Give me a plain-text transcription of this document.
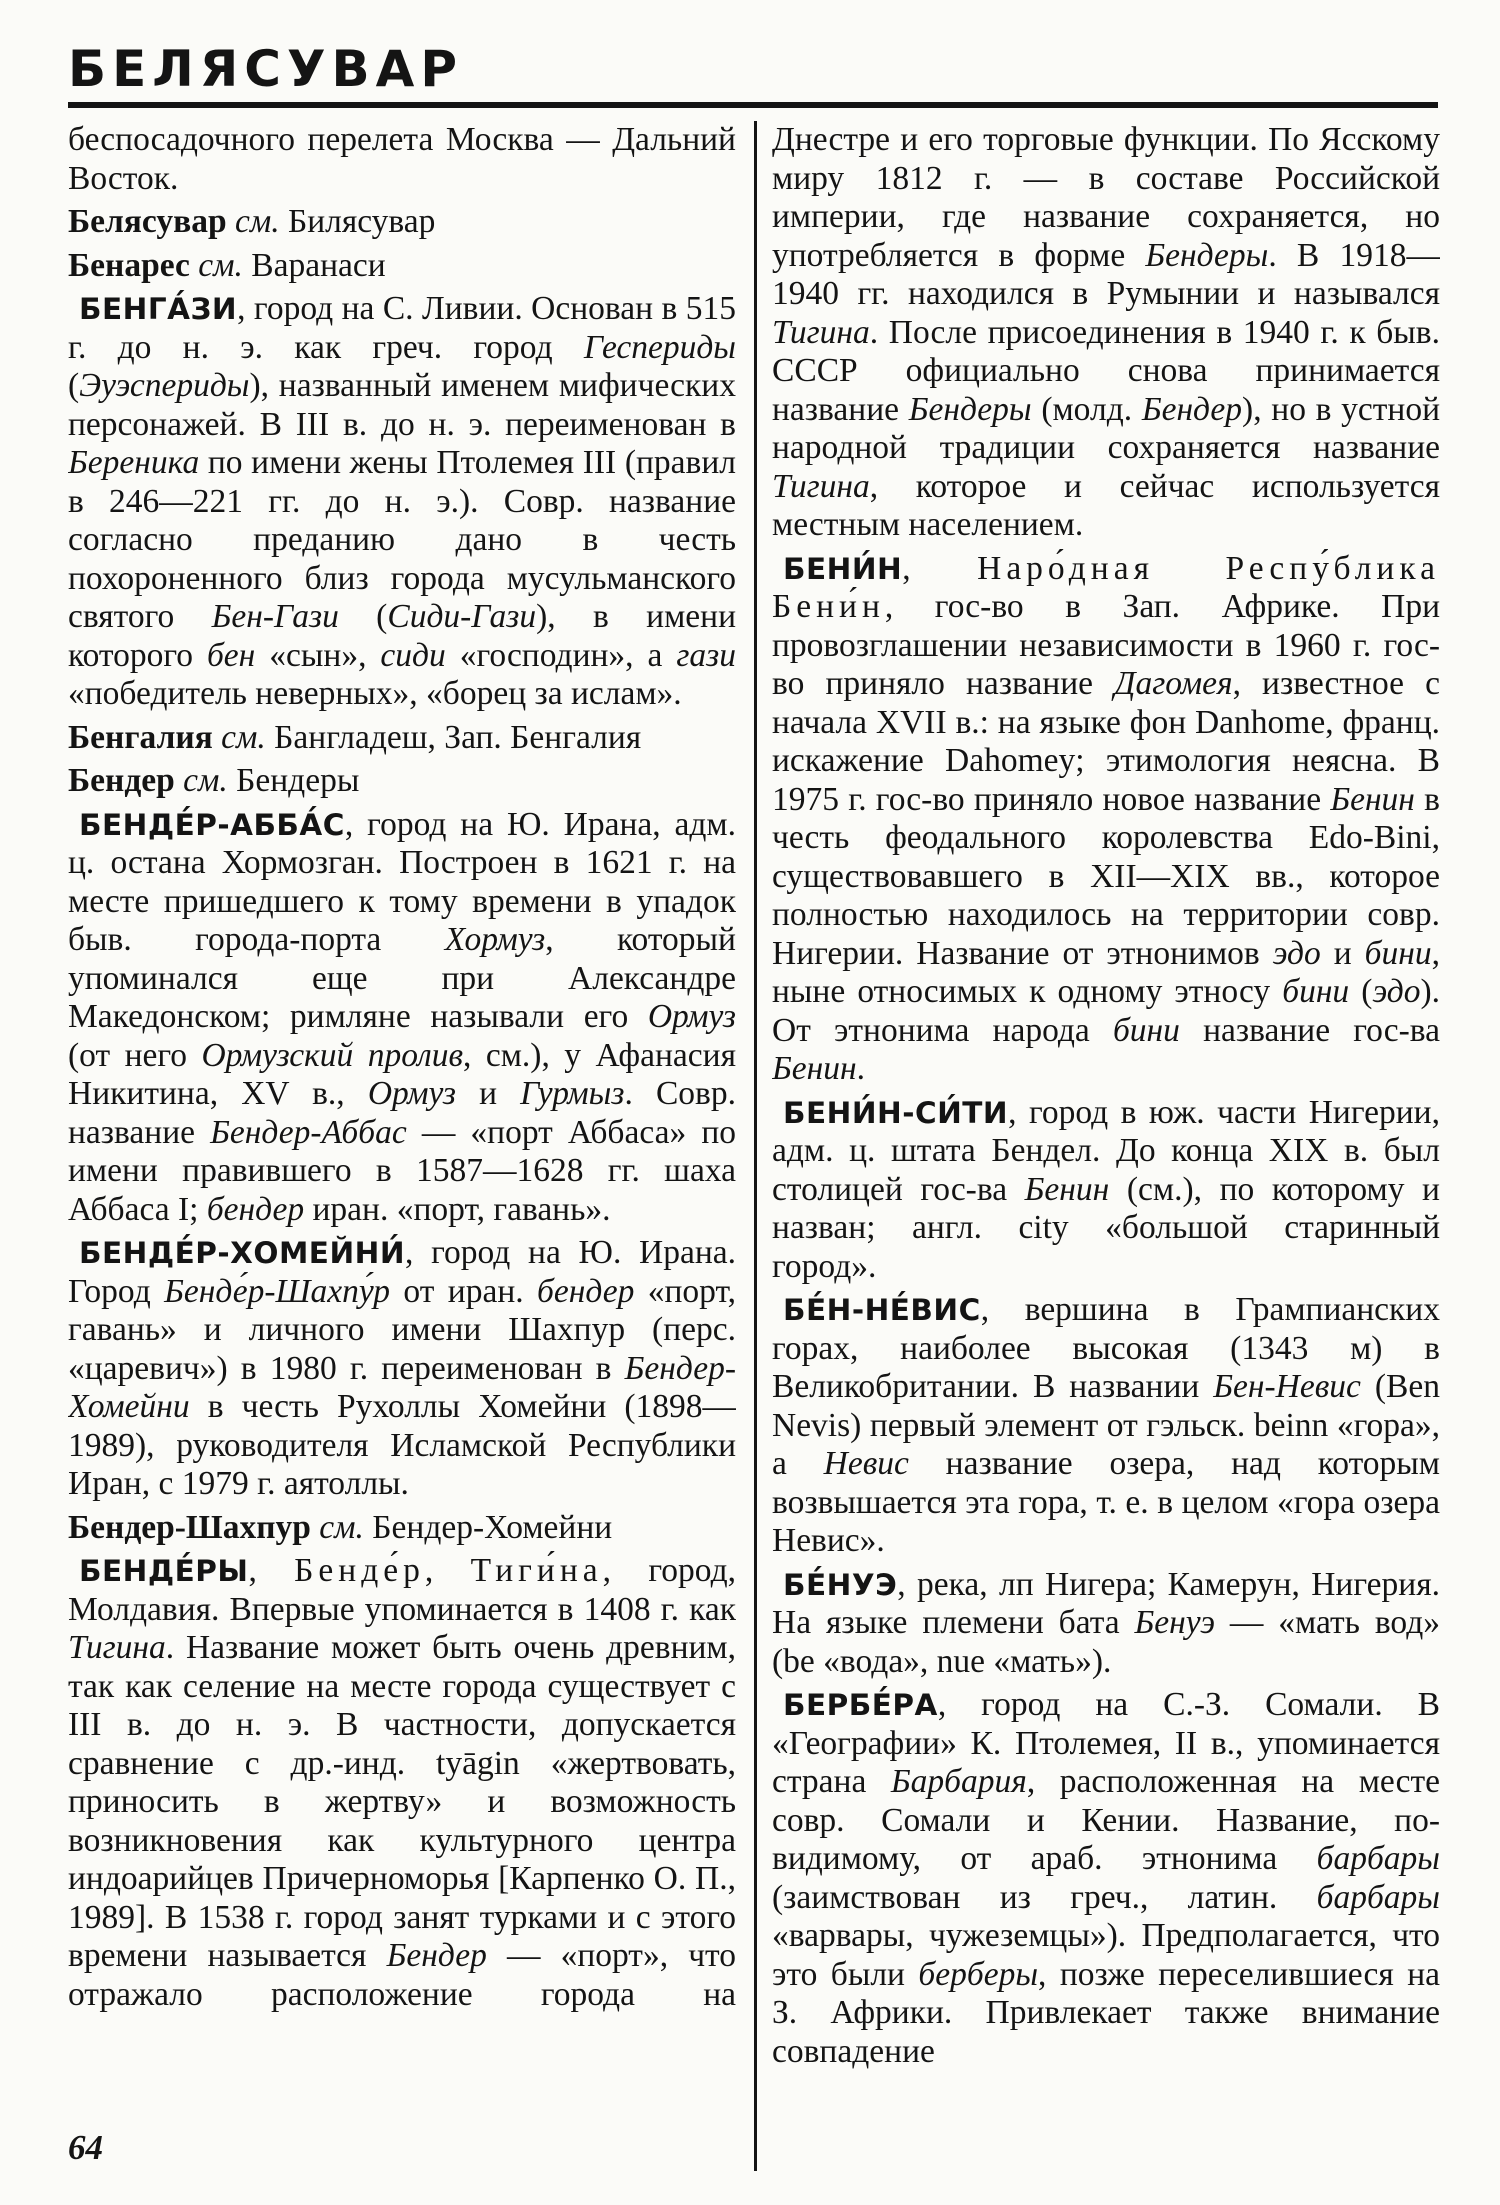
БЕЛЯСУВАР

беспосадочного перелета Москва — Дальний Восток.

Белясувар см. Билясувар

Бенарес см. Варанаси

БЕНГА́ЗИ, город на С. Ливии. Основан в 515 г. до н. э. как греч. город Геспериды (Эуэспериды), названный именем мифических персонажей. В III в. до н. э. переименован в Береника по имени жены Птолемея III (правил в 246—221 гг. до н. э.). Совр. название согласно преданию дано в честь похороненного близ города мусульманского святого Бен-Гази (Сиди-Гази), в имени которого бен «сын», сиди «господин», а гази «победитель неверных», «борец за ислам».

Бенгалия см. Бангладеш, Зап. Бенгалия

Бендер см. Бендеры

БЕНДЕ́Р-АББА́С, город на Ю. Ирана, адм. ц. остана Хормозган. Построен в 1621 г. на месте пришедшего к тому времени в упадок быв. города-порта Хормуз, который упоминался еще при Александре Македонском; римляне называли его Ормуз (от него Ормузский пролив, см.), у Афанасия Никитина, XV в., Ормуз и Гурмыз. Совр. название Бендер-Аббас — «порт Аббаса» по имени правившего в 1587—1628 гг. шаха Аббаса I; бендер иран. «порт, гавань».

БЕНДЕ́Р-ХОМЕЙНИ́, город на Ю. Ирана. Город Бенде́р-Шахпу́р от иран. бендер «порт, гавань» и личного имени Шахпур (перс. «царевич») в 1980 г. переименован в Бендер-Хомейни в честь Рухоллы Хомейни (1898—1989), руководителя Исламской Республики Иран, с 1979 г. аятоллы.

Бендер-Шахпур см. Бендер-Хомейни

БЕНДЕ́РЫ, Бенде́р, Тиги́на, город, Молдавия. Впервые упоминается в 1408 г. как Тигина. Название может быть очень древним, так как селение на месте города существует с III в. до н. э. В частности, допускается сравнение с др.-инд. tyāgin «жертвовать, приносить в жертву» и возможность возникновения как культурного центра индоарийцев Причерноморья [Карпенко О. П., 1989]. В 1538 г. город занят турками и с этого времени называется Бендер — «порт», что отражало расположение города на

Днестре и его торговые функции. По Ясскому миру 1812 г. — в составе Российской империи, где название сохраняется, но употребляется в форме Бендеры. В 1918—1940 гг. находился в Румынии и назывался Тигина. После присоединения в 1940 г. к быв. СССР официально снова принимается название Бендеры (молд. Бендер), но в устной народной традиции сохраняется название Тигина, которое и сейчас используется местным населением.

БЕНИ́Н, Наро́дная Респу́блика Бени́н, гос-во в Зап. Африке. При провозглашении независимости в 1960 г. гос-во приняло название Дагомея, известное с начала XVII в.: на языке фон Danhome, франц. искажение Dahomey; этимология неясна. В 1975 г. гос-во приняло новое название Бенин в честь феодального королевства Edo-Bini, существовавшего в XII—XIX вв., которое полностью находилось на территории совр. Нигерии. Название от этнонимов эдо и бини, ныне относимых к одному этносу бини (эдо). От этнонима народа бини название гос-ва Бенин.

БЕНИ́Н-СИ́ТИ, город в юж. части Нигерии, адм. ц. штата Бендел. До конца XIX в. был столицей гос-ва Бенин (см.), по которому и назван; англ. city «большой старинный город».

БЕ́Н-НЕ́ВИС, вершина в Грампианских горах, наиболее высокая (1343 м) в Великобритании. В названии Бен-Невис (Ben Nevis) первый элемент от гэльск. beinn «гора», а Невис название озера, над которым возвышается эта гора, т. е. в целом «гора озера Невис».

БЕ́НУЭ, река, лп Нигера; Камерун, Нигерия. На языке племени бата Бенуэ — «мать вод» (be «вода», nue «мать»).

БЕРБЕ́РА, город на С.-З. Сомали. В «Географии» К. Птолемея, II в., упоминается страна Барбария, расположенная на месте совр. Сомали и Кении. Название, по-видимому, от араб. этнонима барбары (заимствован из греч., латин. барбары «варвары, чужеземцы»). Предполагается, что это были берберы, позже переселившиеся на З. Африки. Привлекает также внимание совпадение

64
